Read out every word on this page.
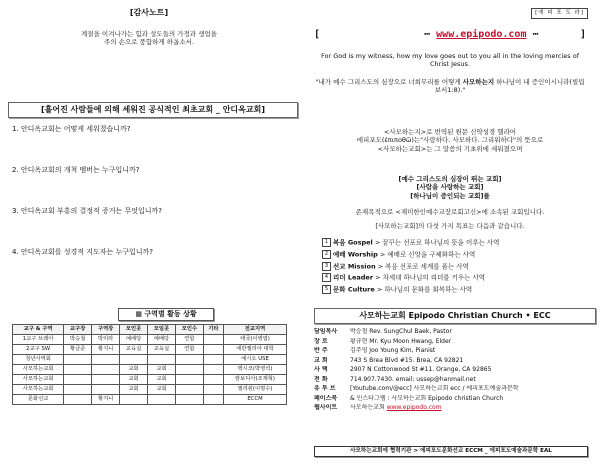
[감사노트]
계절을 이겨나가는 힘과 성도들의 가정과 생업을
주의 손으로 풍함하게 하옵소서.
[흩어진 사람들에 의해 세워진 공식적인 최초교회 _ 안디옥교회]
1. 안디옥교회는 어떻게 세워졌습니까?
2. 안디옥교회의 개척 멤버는 누구입니까?
3. 안디옥교회 부흥의 결정적 증거는 무엇입니까?
4. 안디옥교회를 성경적 지도자는 누구입니까?
▦ 구역별 활동 상황
교구 & 구역	교구장	구역장	모인곳	모임곳	모인수	기타	전교지역
1교구 브레아	박승철	박미라	예배당	예배당	연합		태국(이병엽)
2교구 SW	황금준	황지니	교육실	교육실	연합		에반젤리아 대학
청년사역회							예시오 USE
사모하는교회			교회	교회			멕시코(박영석)
사모하는교회			교회	교회			캄보디아(조재혁)
사모하는교회			교회	교회			필리핀(이명수)
문화선교		황지니					ECCM
[에 피 포 도 라]
[	⋯ www.epipodo.com ⋯	]
For God is my witness, how my love goes out to you all in the loving mercies of Christ Jesus.
"내가 예수 그리스도의 심장으로 너희무리를 어떻게 사모하는지 하나님이 내 증인이시니라(빌립보서1:8)."
<사모하는지>로 번역된 원문 신약성경 헬라어
에피포도(ἐπιποθῶ)는"사랑하다. 사모하다. 그리워하다"의 뜻으로
<사모하는교회>는 그 말씀의 기초위에 세워졌으며
[예수 그리스도의 심장이 뛰는 교회]
[사람을 사랑하는 교회]
[하나님이 증인되는 교회]를
존재목적으로 <재미한인예수교장로회고신>에 소속된 교회입니다.
[사모하는교회]의 다섯 가지 목표는 다음과 같습니다.
1 복음 Gospel > 꿈꾸는 선포로 하나님의 뜻을 이루는 사역
2 예배 Worship > 예배로 신앙을 구체화하는 사역
3 선교 Mission > 복음 선포로 세계를 품는 사역
4 리더 Leader > 차세대 하나님의 리더를 키우는 사역
5 문화 Culture > 하나님의 문화를 회복하는 사역
사모하는교회 Epipodo Christian Church • ECC
담임목사 박승철 Rev. SungChul Baek, Pastor
장 로	황규현 Mr. Kyu Moon Hwang, Elder
반 주	김주영 Joo Young Kim, Pianist
교 회	743 S Brea Blvd #15. Brea, CA 92821
사 택	2907 N Cottonwood St #11. Orange, CA 92865
전 화	714.907.7430. email: ussep@hanmail.net
유 투 브 [Youtube.com/@ecc] 사모하는교회 ecc / 에피포도예술과문학
페이스북 & 인스타그램 : 사모하는교회 Epipodo christian Church
웹사이트 사모하는교회 www.epipodo.com
사모하는교회에 협력기관 > 에피포도문화선교 ECCM _ 에피포도예술과문학 EAL
